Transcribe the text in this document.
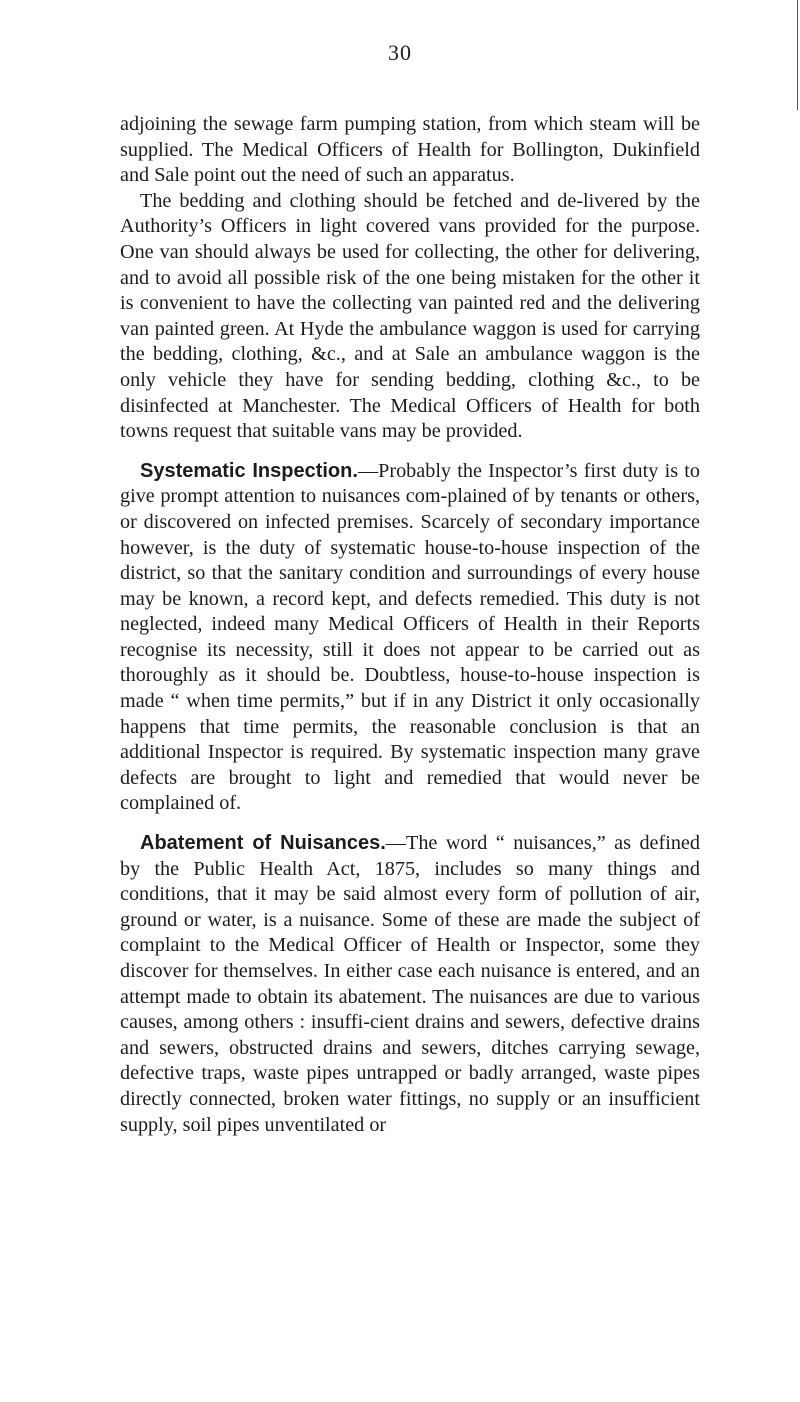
30

adjoining the sewage farm pumping station, from which steam will be supplied. The Medical Officers of Health for Bollington, Dukinfield and Sale point out the need of such an apparatus.

The bedding and clothing should be fetched and de-livered by the Authority’s Officers in light covered vans provided for the purpose. One van should always be used for collecting, the other for delivering, and to avoid all possible risk of the one being mistaken for the other it is convenient to have the collecting van painted red and the delivering van painted green. At Hyde the ambulance waggon is used for carrying the bedding, clothing, &c., and at Sale an ambulance waggon is the only vehicle they have for sending bedding, clothing &c., to be disinfected at Manchester. The Medical Officers of Health for both towns request that suitable vans may be provided.

Systematic Inspection.—Probably the Inspector’s first duty is to give prompt attention to nuisances com-plained of by tenants or others, or discovered on infected premises. Scarcely of secondary importance however, is the duty of systematic house-to-house inspection of the district, so that the sanitary condition and surroundings of every house may be known, a record kept, and defects remedied. This duty is not neglected, indeed many Medical Officers of Health in their Reports recognise its necessity, still it does not appear to be carried out as thoroughly as it should be. Doubtless, house-to-house inspection is made “ when time permits,” but if in any District it only occasionally happens that time permits, the reasonable conclusion is that an additional Inspector is required. By systematic inspection many grave defects are brought to light and remedied that would never be complained of.

Abatement of Nuisances.—The word “ nuisances,” as defined by the Public Health Act, 1875, includes so many things and conditions, that it may be said almost every form of pollution of air, ground or water, is a nuisance. Some of these are made the subject of complaint to the Medical Officer of Health or Inspector, some they discover for themselves. In either case each nuisance is entered, and an attempt made to obtain its abatement. The nuisances are due to various causes, among others : insuffi-cient drains and sewers, defective drains and sewers, obstructed drains and sewers, ditches carrying sewage, defective traps, waste pipes untrapped or badly arranged, waste pipes directly connected, broken water fittings, no supply or an insufficient supply, soil pipes unventilated or
